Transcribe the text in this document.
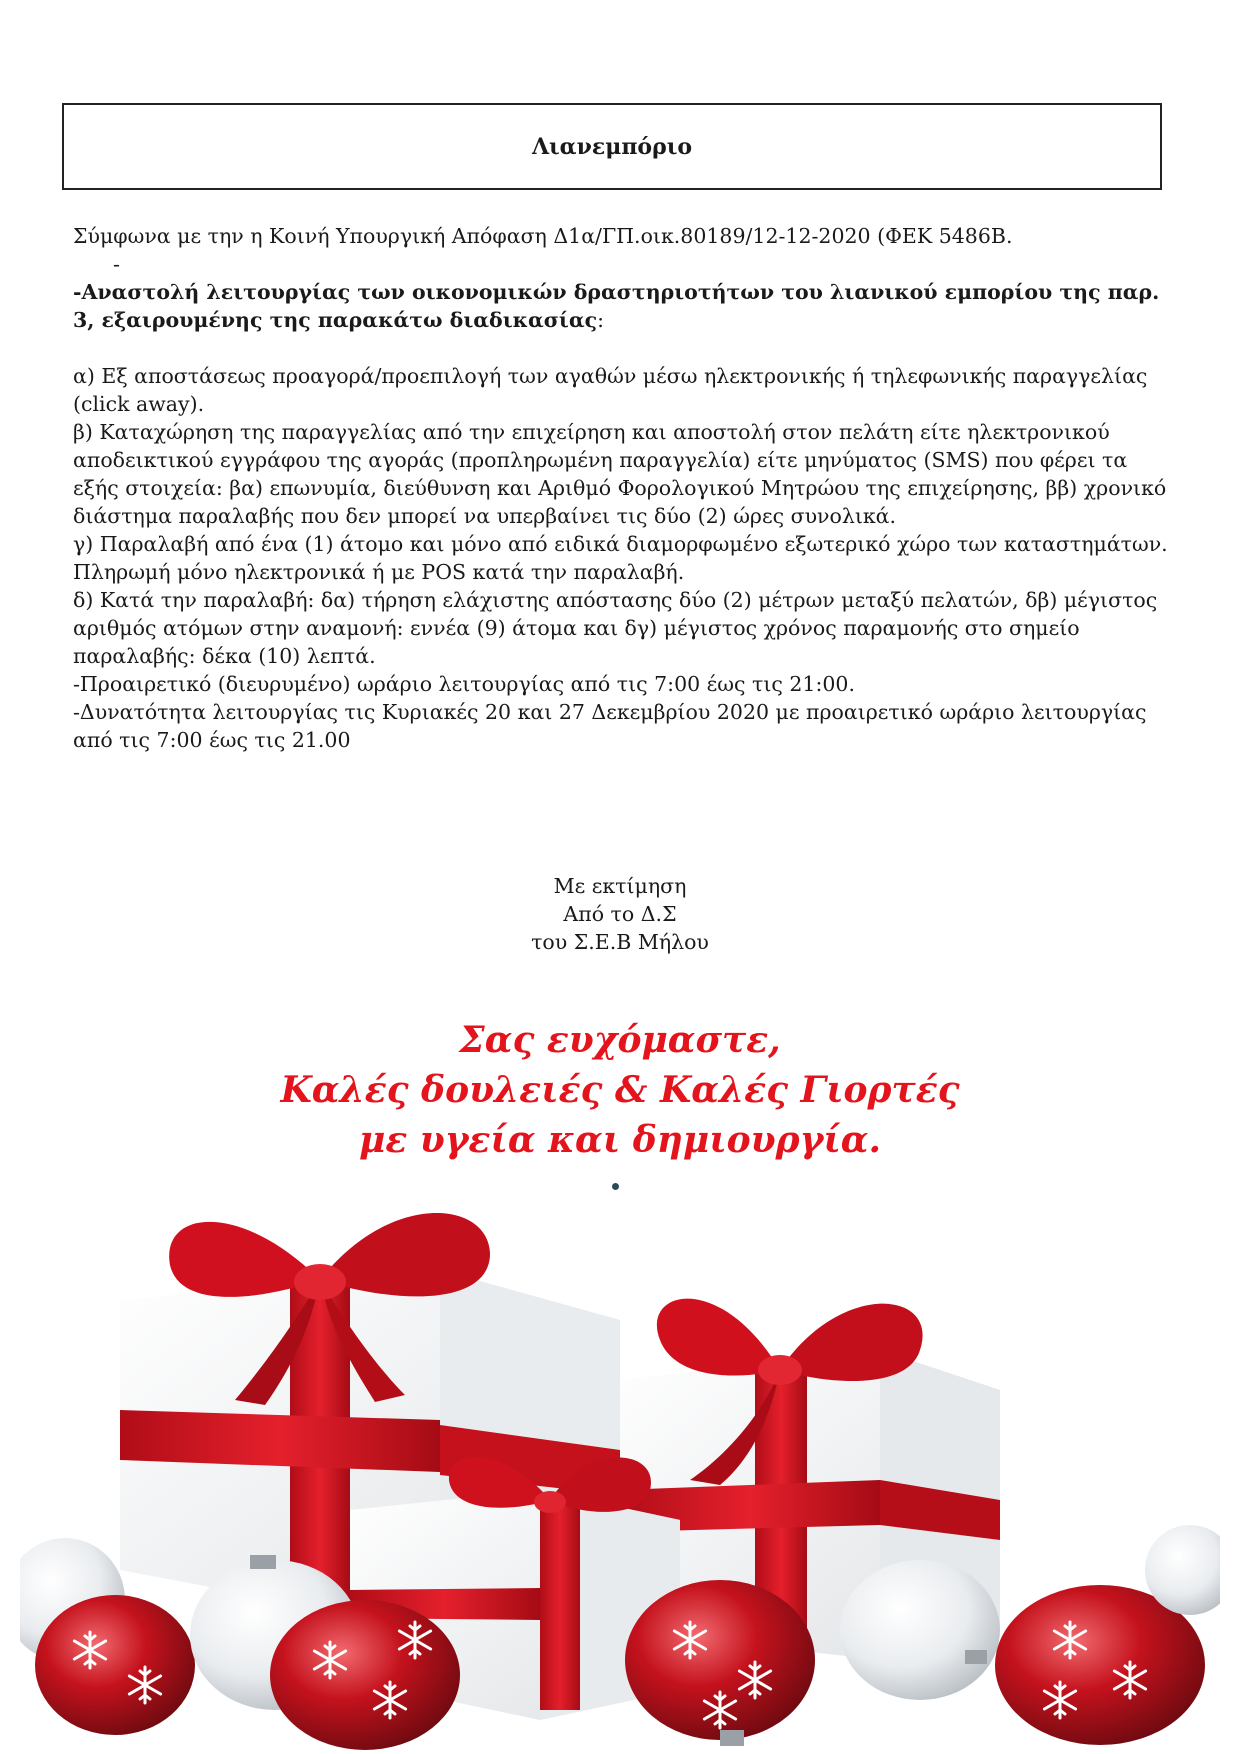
Λιανεμπόριο

Σύμφωνα με την η Κοινή Υπουργική Απόφαση Δ1α/ΓΠ.οικ.80189/12-12-2020 (ΦΕΚ 5486Β.

-

-Αναστολή λειτουργίας των οικονομικών δραστηριοτήτων του λιανικού εμπορίου της παρ. 3, εξαιρουμένης της παρακάτω διαδικασίας:

α) Εξ αποστάσεως προαγορά/προεπιλογή των αγαθών μέσω ηλεκτρονικής ή τηλεφωνικής παραγγελίας (click away).

β) Καταχώρηση της παραγγελίας από την επιχείρηση και αποστολή στον πελάτη είτε ηλεκτρονικού αποδεικτικού εγγράφου της αγοράς (προπληρωμένη παραγγελία) είτε μηνύματος (SMS) που φέρει τα εξής στοιχεία: βα) επωνυμία, διεύθυνση και Αριθμό Φορολογικού Μητρώου της επιχείρησης, ββ) χρονικό διάστημα παραλαβής που δεν μπορεί να υπερβαίνει τις δύο (2) ώρες συνολικά.

γ) Παραλαβή από ένα (1) άτομο και μόνο από ειδικά διαμορφωμένο εξωτερικό χώρο των καταστημάτων. Πληρωμή μόνο ηλεκτρονικά ή με POS κατά την παραλαβή.

δ) Κατά την παραλαβή: δα) τήρηση ελάχιστης απόστασης δύο (2) μέτρων μεταξύ πελατών, δβ) μέγιστος αριθμός ατόμων στην αναμονή: εννέα (9) άτομα και δγ) μέγιστος χρόνος παραμονής στο σημείο παραλαβής: δέκα (10) λεπτά.

-Προαιρετικό (διευρυμένο) ωράριο λειτουργίας από τις 7:00 έως τις 21:00.

-Δυνατότητα λειτουργίας τις Κυριακές 20 και 27 Δεκεμβρίου 2020 με προαιρετικό ωράριο λειτουργίας από τις 7:00 έως τις 21.00

Με εκτίμηση

Από το Δ.Σ

του Σ.Ε.Β Μήλου

Σας ευχόμαστε,

Καλές δουλειές & Καλές Γιορτές

με υγεία και δημιουργία.
